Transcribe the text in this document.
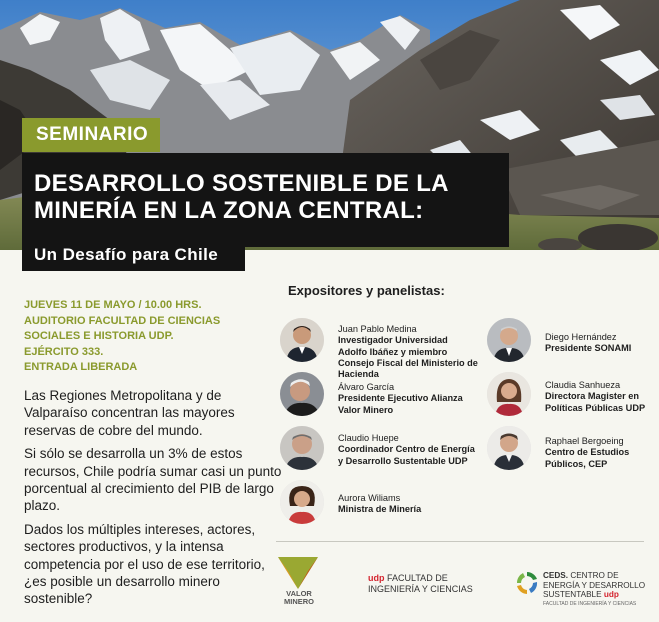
SEMINARIO
DESARROLLO SOSTENIBLE DE LA
MINERÍA EN LA ZONA CENTRAL:
Un Desafío para Chile
JUEVES 11 DE MAYO / 10.00 HRS.
AUDITORIO FACULTAD DE CIENCIAS
SOCIALES E HISTORIA UDP.
EJÉRCITO 333.
ENTRADA LIBERADA

Las Regiones Metropolitana y de Valparaíso concentran las mayores reservas de cobre del mundo.

Si sólo se desarrolla un 3% de estos recursos, Chile podría sumar casi un punto porcentual al crecimiento del PIB de largo plazo.

Dados los múltiples intereses, actores, sectores productivos, y la intensa competencia por el uso de ese territorio, ¿es posible un desarrollo minero sostenible?

Expositores y panelistas:
Juan Pablo Medina
Investigador Universidad Adolfo Ibáñez y miembro Consejo Fiscal del Ministerio de Hacienda
Diego Hernández
Presidente SONAMI
Álvaro García
Presidente Ejecutivo Alianza Valor Minero
Claudia Sanhueza
Directora Magister en Políticas Públicas UDP
Claudio Huepe
Coordinador Centro de Energía y Desarrollo Sustentable UDP
Raphael Bergoeing
Centro de Estudios Públicos, CEP
Aurora Wiliams
Ministra de Minería
VALOR
MINERO
udp FACULTAD DE
INGENIERÍA Y CIENCIAS
CEDS. CENTRO DE
ENERGÍA Y DESARROLLO
SUSTENTABLE udp
FACULTAD DE INGENIERÍA Y CIENCIAS
